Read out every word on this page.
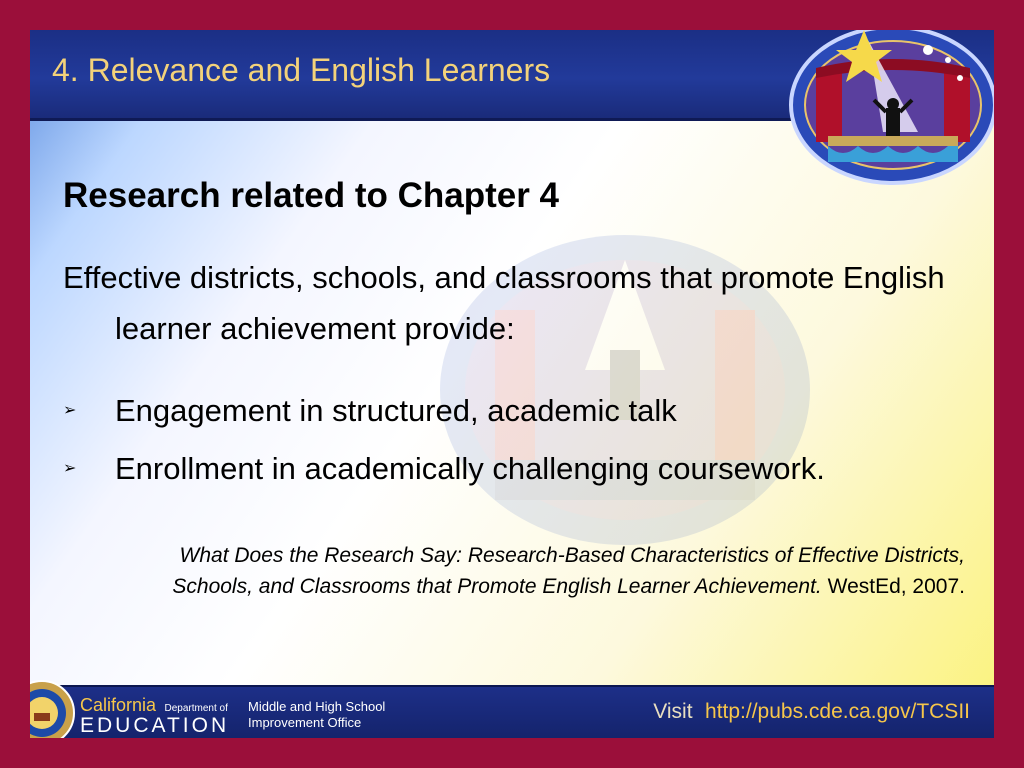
4. Relevance and English Learners
Research related to Chapter 4
Effective districts, schools, and classrooms that promote English learner achievement provide:
➢ Engagement in structured, academic talk
➢ Enrollment in academically challenging coursework.
What Does the Research Say: Research-Based Characteristics of Effective Districts, Schools, and Classrooms that Promote English Learner Achievement. WestEd, 2007.
California Department of
EDUCATION
Middle and High School
Improvement Office	Visit http://pubs.cde.ca.gov/TCSII
